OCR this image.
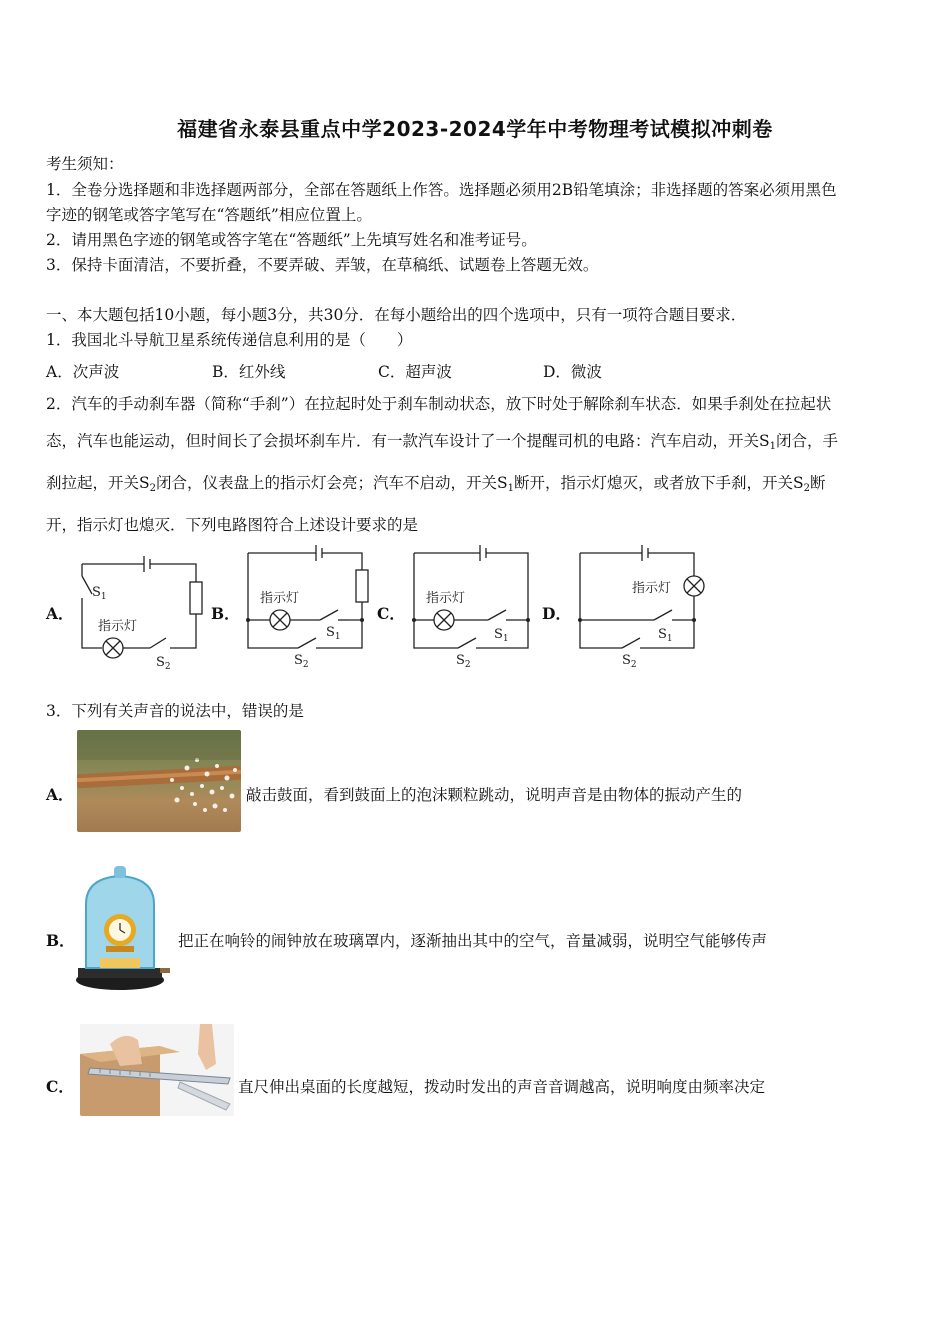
福建省永泰县重点中学2023-2024学年中考物理考试模拟冲刺卷
考生须知：
1．全卷分选择题和非选择题两部分，全部在答题纸上作答。选择题必须用2B铅笔填涂；非选择题的答案必须用黑色
字迹的钢笔或答字笔写在“答题纸”相应位置上。
2．请用黑色字迹的钢笔或答字笔在“答题纸”上先填写姓名和准考证号。
3．保持卡面清洁，不要折叠，不要弄破、弄皱，在草稿纸、试题卷上答题无效。
一、本大题包括10小题，每小题3分，共30分．在每小题给出的四个选项中，只有一项符合题目要求．
1．我国北斗导航卫星系统传递信息利用的是（　　）
A．次声波	B．红外线	C．超声波	D．微波
2．汽车的手动刹车器（简称“手刹”）在拉起时处于刹车制动状态，放下时处于解除刹车状态．如果手刹处在拉起状
态，汽车也能运动，但时间长了会损坏刹车片．有一款汽车设计了一个提醒司机的电路：汽车启动，开关$S_1$闭合，手
刹拉起，开关$S_2$闭合，仪表盘上的指示灯会亮；汽车不启动，开关$S_1$断开，指示灯熄灭，或者放下手刹，开关$S_2$断
开，指示灯也熄灭．下列电路图符合上述设计要求的是
A．	B．	C．	D．
$S_1$
指示灯
$S_2$
指示灯
$S_1$
$S_2$
指示灯
$S_1$
$S_2$
指示灯
$S_1$
$S_2$
3．下列有关声音的说法中，错误的是
A．	敲击鼓面，看到鼓面上的泡沫颗粒跳动，说明声音是由物体的振动产生的
B．	把正在响铃的闹钟放在玻璃罩内，逐渐抽出其中的空气，音量减弱，说明空气能够传声
C．	直尺伸出桌面的长度越短，拨动时发出的声音音调越高，说明响度由频率决定
